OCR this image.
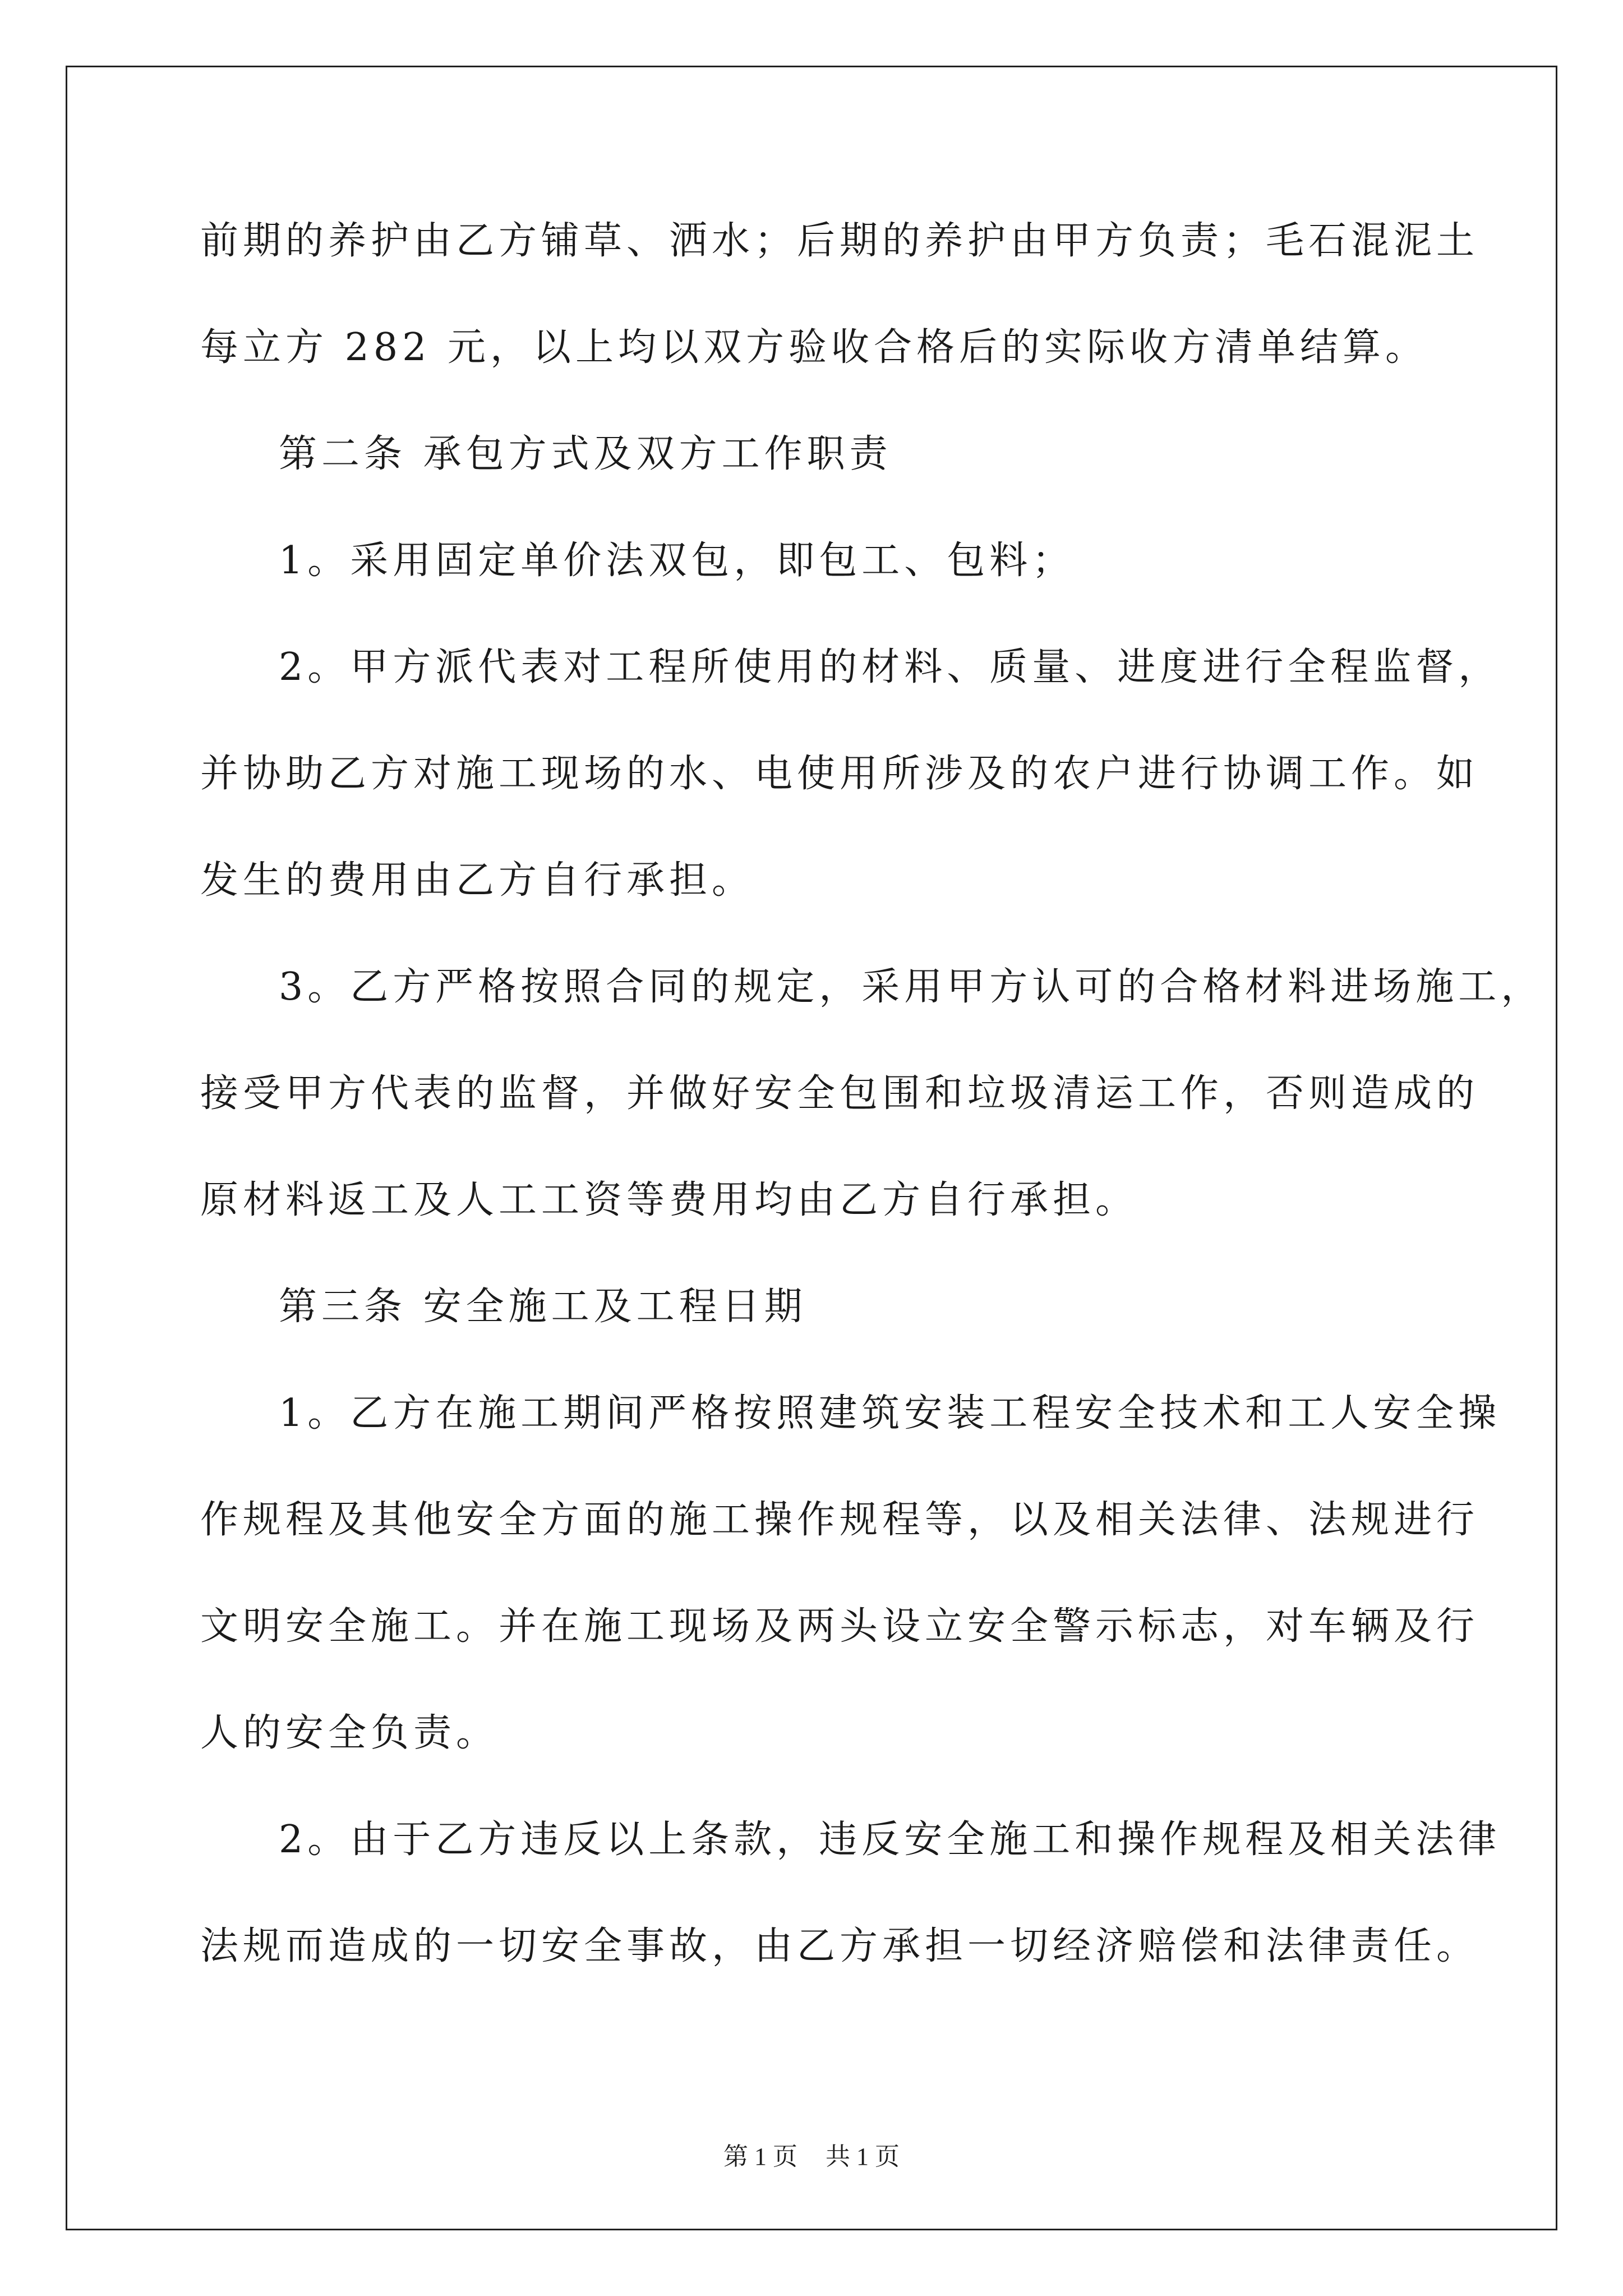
前期的养护由乙方铺草、洒水；后期的养护由甲方负责；毛石混泥土
每立方 282 元，以上均以双方验收合格后的实际收方清单结算。
第二条 承包方式及双方工作职责
1。采用固定单价法双包，即包工、包料；
2。甲方派代表对工程所使用的材料、质量、进度进行全程监督，
并协助乙方对施工现场的水、电使用所涉及的农户进行协调工作。如
发生的费用由乙方自行承担。
3。乙方严格按照合同的规定，采用甲方认可的合格材料进场施工，
接受甲方代表的监督，并做好安全包围和垃圾清运工作，否则造成的
原材料返工及人工工资等费用均由乙方自行承担。
第三条 安全施工及工程日期
1。乙方在施工期间严格按照建筑安装工程安全技术和工人安全操
作规程及其他安全方面的施工操作规程等，以及相关法律、法规进行
文明安全施工。并在施工现场及两头设立安全警示标志，对车辆及行
人的安全负责。
2。由于乙方违反以上条款，违反安全施工和操作规程及相关法律
法规而造成的一切安全事故，由乙方承担一切经济赔偿和法律责任。
第 1 页 共 1 页
